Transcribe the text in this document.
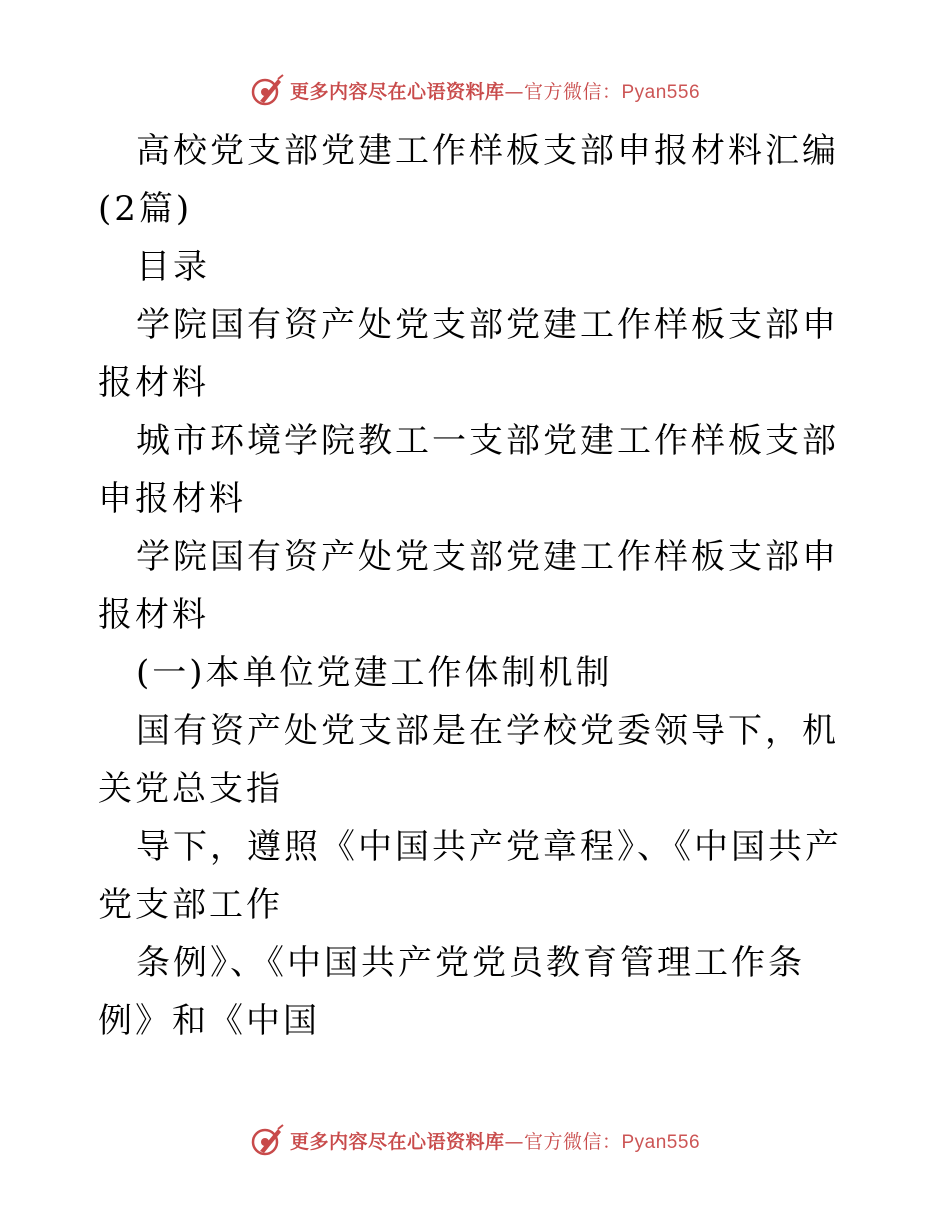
更多内容尽在心语资料库—官方微信：Pyan556

高校党支部党建工作样板支部申报材料汇编(2篇)

目录

学院国有资产处党支部党建工作样板支部申报材料

城市环境学院教工一支部党建工作样板支部申报材料

学院国有资产处党支部党建工作样板支部申报材料

(一)本单位党建工作体制机制

国有资产处党支部是在学校党委领导下，机关党总支指

导下，遵照《中国共产党章程》、《中国共产党支部工作

条例》、《中国共产党党员教育管理工作条例》和《中国

更多内容尽在心语资料库—官方微信：Pyan556
